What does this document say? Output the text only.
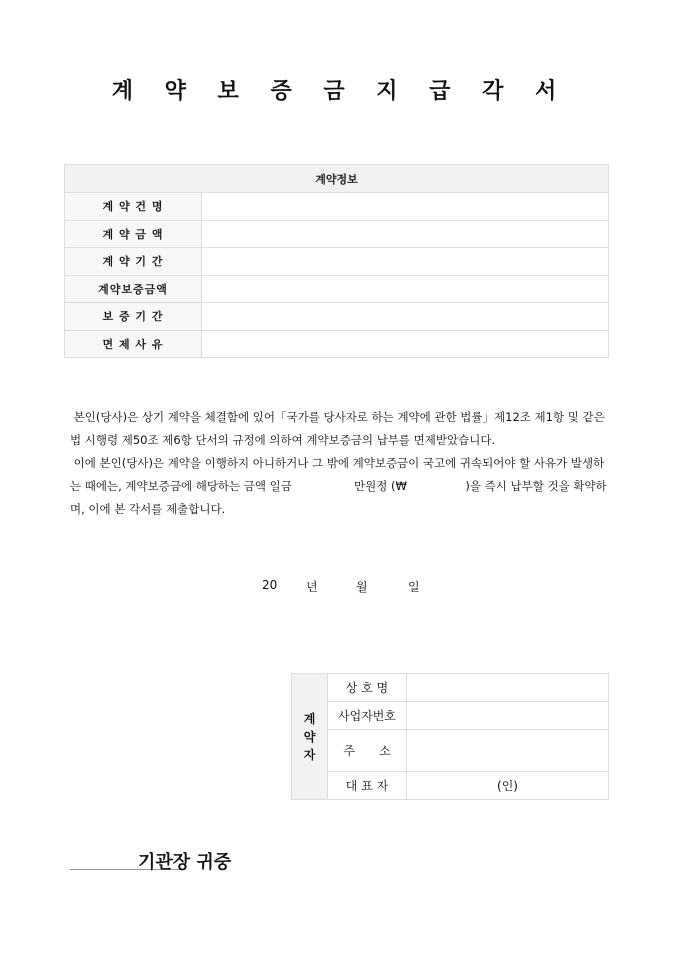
계 약 보 증 금 지 급 각 서
계약정보	
계 약 건 명	
계 약 금 액	
계 약 기 간	
계약보증금액	
보 증 기 간	
면 제 사 유	

본인(당사)은 상기 계약을 체결함에 있어「국가를 당사자로 하는 계약에 관한 법률」제12조 제1항 및 같은 법 시행령 제50조 제6항 단서의 규정에 의하여 계약보증금의 납부를 면제받았습니다.

이에 본인(당사)은 계약을 이행하지 아니하거나 그 밖에 계약보증금이 국고에 귀속되어야 할 사유가 발생하는 때에는, 계약보증금에 해당하는 금액 일금                 만원정 (₩                )을 즉시 납부할 것을 확약하며, 이에 본 각서를 제출합니다.

20 년	월	일
계
약
자	상 호 명	
	사업자번호	
	주　　소	
	대 표 자	(인)
기관장 귀중
